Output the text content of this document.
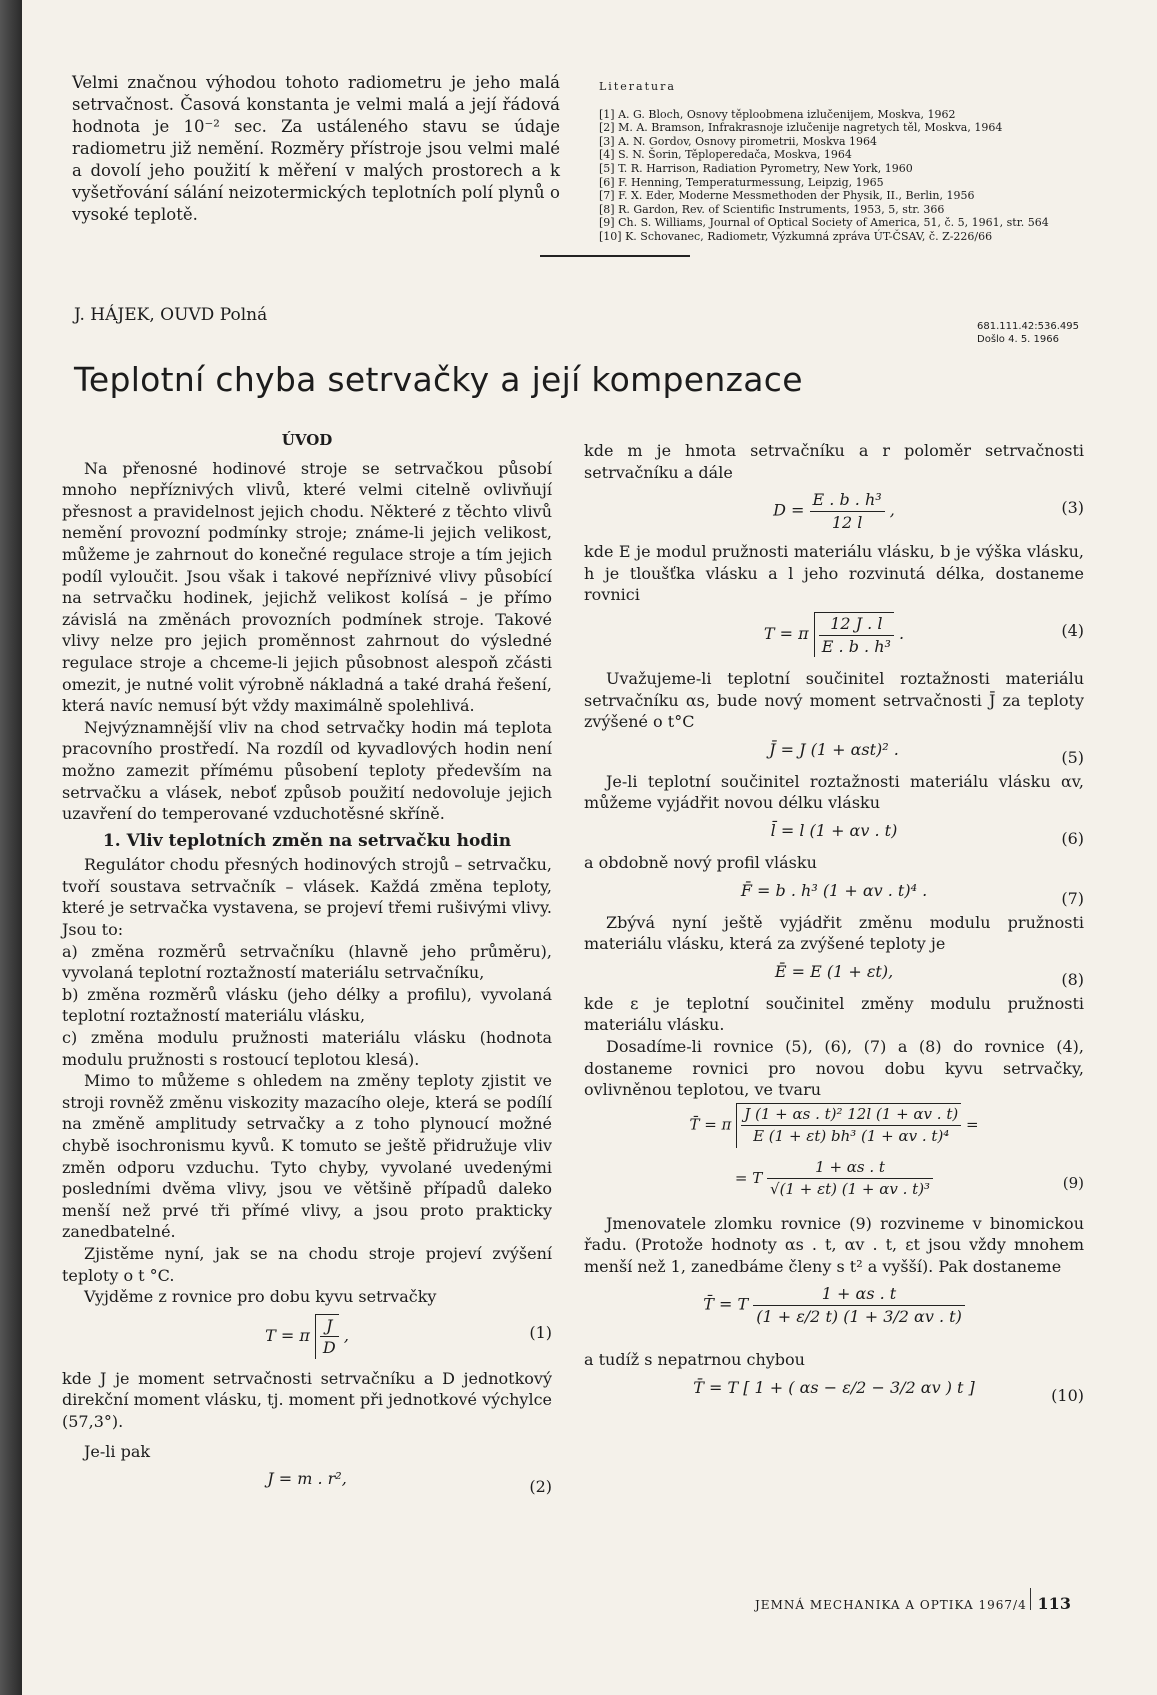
Velmi značnou výhodou tohoto radiometru je jeho malá setrvačnost. Časová konstanta je velmi malá a její řádová hodnota je 10⁻² sec. Za ustáleného stavu se údaje radiometru již nemění. Rozměry přístroje jsou velmi malé a dovolí jeho použití k měření v malých prostorech a k vyšetřování sálání neizotermických teplotních polí plynů o vysoké teplotě.

Literatura
[1] A. G. Bloch, Osnovy těploobmena izlučenijem, Moskva, 1962
[2] M. A. Bramson, Infrakrasnoje izlučenije nagretych těl, Moskva, 1964
[3] A. N. Gordov, Osnovy pirometrii, Moskva 1964
[4] S. N. Šorin, Těploperedača, Moskva, 1964
[5] T. R. Harrison, Radiation Pyrometry, New York, 1960
[6] F. Henning, Temperaturmessung, Leipzig, 1965
[7] F. X. Eder, Moderne Messmethoden der Physik, II., Berlin, 1956
[8] R. Gardon, Rev. of Scientific Instruments, 1953, 5, str. 366
[9] Ch. S. Williams, Journal of Optical Society of America, 51, č. 5, 1961, str. 564
[10] K. Schovanec, Radiometr, Výzkumná zpráva ÚT-ČSAV, č. Z-226/66
J. HÁJEK, OUVD Polná
681.111.42:536.495
Došlo 4. 5. 1966
Teplotní chyba setrvačky a její kompenzace
ÚVOD

Na přenosné hodinové stroje se setrvačkou působí mnoho nepříznivých vlivů, které velmi citelně ovlivňují přesnost a pravidelnost jejich chodu. Některé z těchto vlivů nemění provozní podmínky stroje; známe-li jejich velikost, můžeme je zahrnout do konečné regulace stroje a tím jejich podíl vyloučit. Jsou však i takové nepříznivé vlivy působící na setrvačku hodinek, jejichž velikost kolísá – je přímo závislá na změnách provozních podmínek stroje. Takové vlivy nelze pro jejich proměnnost zahrnout do výsledné regulace stroje a chceme-li jejich působnost alespoň zčásti omezit, je nutné volit výrobně nákladná a také drahá řešení, která navíc nemusí být vždy maximálně spolehlivá.

Nejvýznamnější vliv na chod setrvačky hodin má teplota pracovního prostředí. Na rozdíl od kyvadlových hodin není možno zamezit přímému působení teploty především na setrvačku a vlásek, neboť způsob použití nedovoluje jejich uzavření do temperované vzduchotěsné skříně.

1. Vliv teplotních změn na setrvačku hodin

Regulátor chodu přesných hodinových strojů – setrvačku, tvoří soustava setrvačník – vlásek. Každá změna teploty, které je setrvačka vystavena, se projeví třemi rušivými vlivy. Jsou to:

a) změna rozměrů setrvačníku (hlavně jeho průměru), vyvolaná teplotní roztažností materiálu setrvačníku,

b) změna rozměrů vlásku (jeho délky a profilu), vyvolaná teplotní roztažností materiálu vlásku,

c) změna modulu pružnosti materiálu vlásku (hodnota modulu pružnosti s rostoucí teplotou klesá).

Mimo to můžeme s ohledem na změny teploty zjistit ve stroji rovněž změnu viskozity mazacího oleje, která se podílí na změně amplitudy setrvačky a z toho plynoucí možné chybě isochronismu kyvů. K tomuto se ještě přidružuje vliv změn odporu vzduchu. Tyto chyby, vyvolané uvedenými posledními dvěma vlivy, jsou ve většině případů daleko menší než prvé tři přímé vlivy, a jsou proto prakticky zanedbatelné.

Zjistěme nyní, jak se na chodu stroje projeví zvýšení teploty o t °C.

Vyjděme z rovnice pro dobu kyvu setrvačky

T = π $\frac{J}{D}$ ,	(1)

kde J je moment setrvačnosti setrvačníku a D jednotkový direkční moment vlásku, tj. moment při jednotkové výchylce (57,3°).

Je-li pak

J = m . r²,	(2)

kde m je hmota setrvačníku a r poloměr setrvačnosti setrvačníku a dále

$D = \frac{\text{E . b . h³}}{12 l}$ ,	(3)

kde E je modul pružnosti materiálu vlásku, b je výška vlásku, h je tloušťka vlásku a l jeho rozvinutá délka, dostaneme rovnici

T = π $\frac{12 J . l}{\text{E . b . h³}}$ .	(4)

Uvažujeme-li teplotní součinitel roztažnosti materiálu setrvačníku αs, bude nový moment setrvačnosti J̄ za teploty zvýšené o t°C

J̄ = J (1 + αst)² .	(5)

Je-li teplotní součinitel roztažnosti materiálu vlásku αv, můžeme vyjádřit novou délku vlásku

l̄ = l (1 + αv . t)	(6)

a obdobně nový profil vlásku

F̄ = b . h³ (1 + αv . t)⁴ .	(7)

Zbývá nyní ještě vyjádřit změnu modulu pružnosti materiálu vlásku, která za zvýšené teploty je

Ē = E (1 + εt),	(8)

kde ε je teplotní součinitel změny modulu pružnosti materiálu vlásku.

Dosadíme-li rovnice (5), (6), (7) a (8) do rovnice (4), dostaneme rovnici pro novou dobu kyvu setrvačky, ovlivněnou teplotou, ve tvaru

T̄ = π $\frac{\text{J (1 + αs . t)² 12l (1 + αv . t)}}{\text{E (1 + εt) bh³ (1 + αv . t)⁴}}$ =
= T $\frac{1 + \alpha s . t}{\text{√(1 + εt) (1 + αv . t)³}}$	(9)

Jmenovatele zlomku rovnice (9) rozvineme v binomickou řadu. (Protože hodnoty αs . t, αv . t, εt jsou vždy mnohem menší než 1, zanedbáme členy s t² a vyšší). Pak dostaneme

T̄ = T $\frac{1 + \alpha s . t}{(1 + \varepsilon/2 t) (1 + 3/2 \alpha v . t)}$

a tudíž s nepatrnou chybou

T̄ = T [ 1 + ( αs − ε/2 − 3/2 αv ) t ]	(10)
JEMNÁ MECHANIKA A OPTIKA 1967/4 113
